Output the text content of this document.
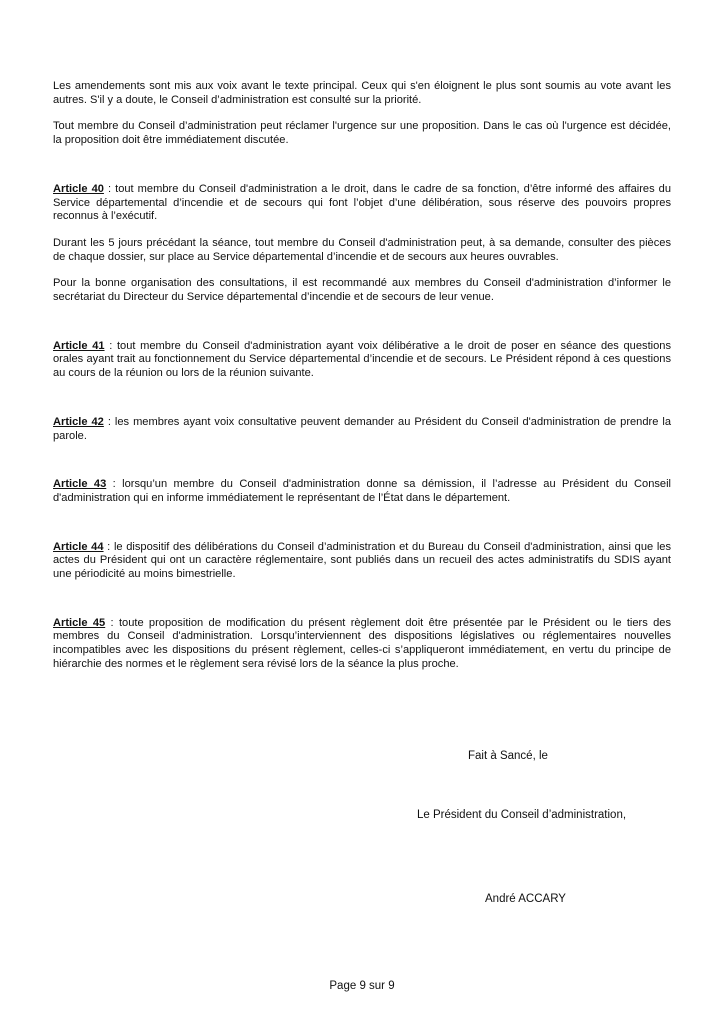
Les amendements sont mis aux voix avant le texte principal. Ceux qui s'en éloignent le plus sont soumis au vote avant les autres. S'il y a doute, le Conseil d’administration est consulté sur la priorité.

Tout membre du Conseil d’administration peut réclamer l'urgence sur une proposition. Dans le cas où l'urgence est décidée, la proposition doit être immédiatement discutée.

Article 40 : tout membre du Conseil d'administration a le droit, dans le cadre de sa fonction, d’être informé des affaires du Service départemental d’incendie et de secours qui font l’objet d’une délibération, sous réserve des pouvoirs propres reconnus à l’exécutif.

Durant les 5 jours précédant la séance, tout membre du Conseil d'administration peut, à sa demande, consulter des pièces de chaque dossier, sur place au Service départemental d’incendie et de secours aux heures ouvrables.

Pour la bonne organisation des consultations, il est recommandé aux membres du Conseil d'administration d’informer le secrétariat du Directeur du Service départemental d’incendie et de secours de leur venue.

Article 41 : tout membre du Conseil d'administration ayant voix délibérative a le droit de poser en séance des questions orales ayant trait au fonctionnement du Service départemental d’incendie et de secours. Le Président répond à ces questions au cours de la réunion ou lors de la réunion suivante.

Article 42 : les membres ayant voix consultative peuvent demander au Président du Conseil d'administration de prendre la parole.

Article 43 : lorsqu’un membre du Conseil d'administration donne sa démission, il l’adresse au Président du Conseil d'administration qui en informe immédiatement le représentant de l’État dans le département.

Article 44 : le dispositif des délibérations du Conseil d’administration et du Bureau du Conseil d'administration, ainsi que les actes du Président qui ont un caractère réglementaire, sont publiés dans un recueil des actes administratifs du SDIS ayant une périodicité au moins bimestrielle.

Article 45 : toute proposition de modification du présent règlement doit être présentée par le Président ou le tiers des membres du Conseil d'administration. Lorsqu’interviennent des dispositions législatives ou réglementaires nouvelles incompatibles avec les dispositions du présent règlement, celles-ci s’appliqueront immédiatement, en vertu du principe de hiérarchie des normes et le règlement sera révisé lors de la séance la plus proche.

Fait à Sancé, le
Le Président du Conseil d’administration,
André ACCARY
Page 9 sur 9
